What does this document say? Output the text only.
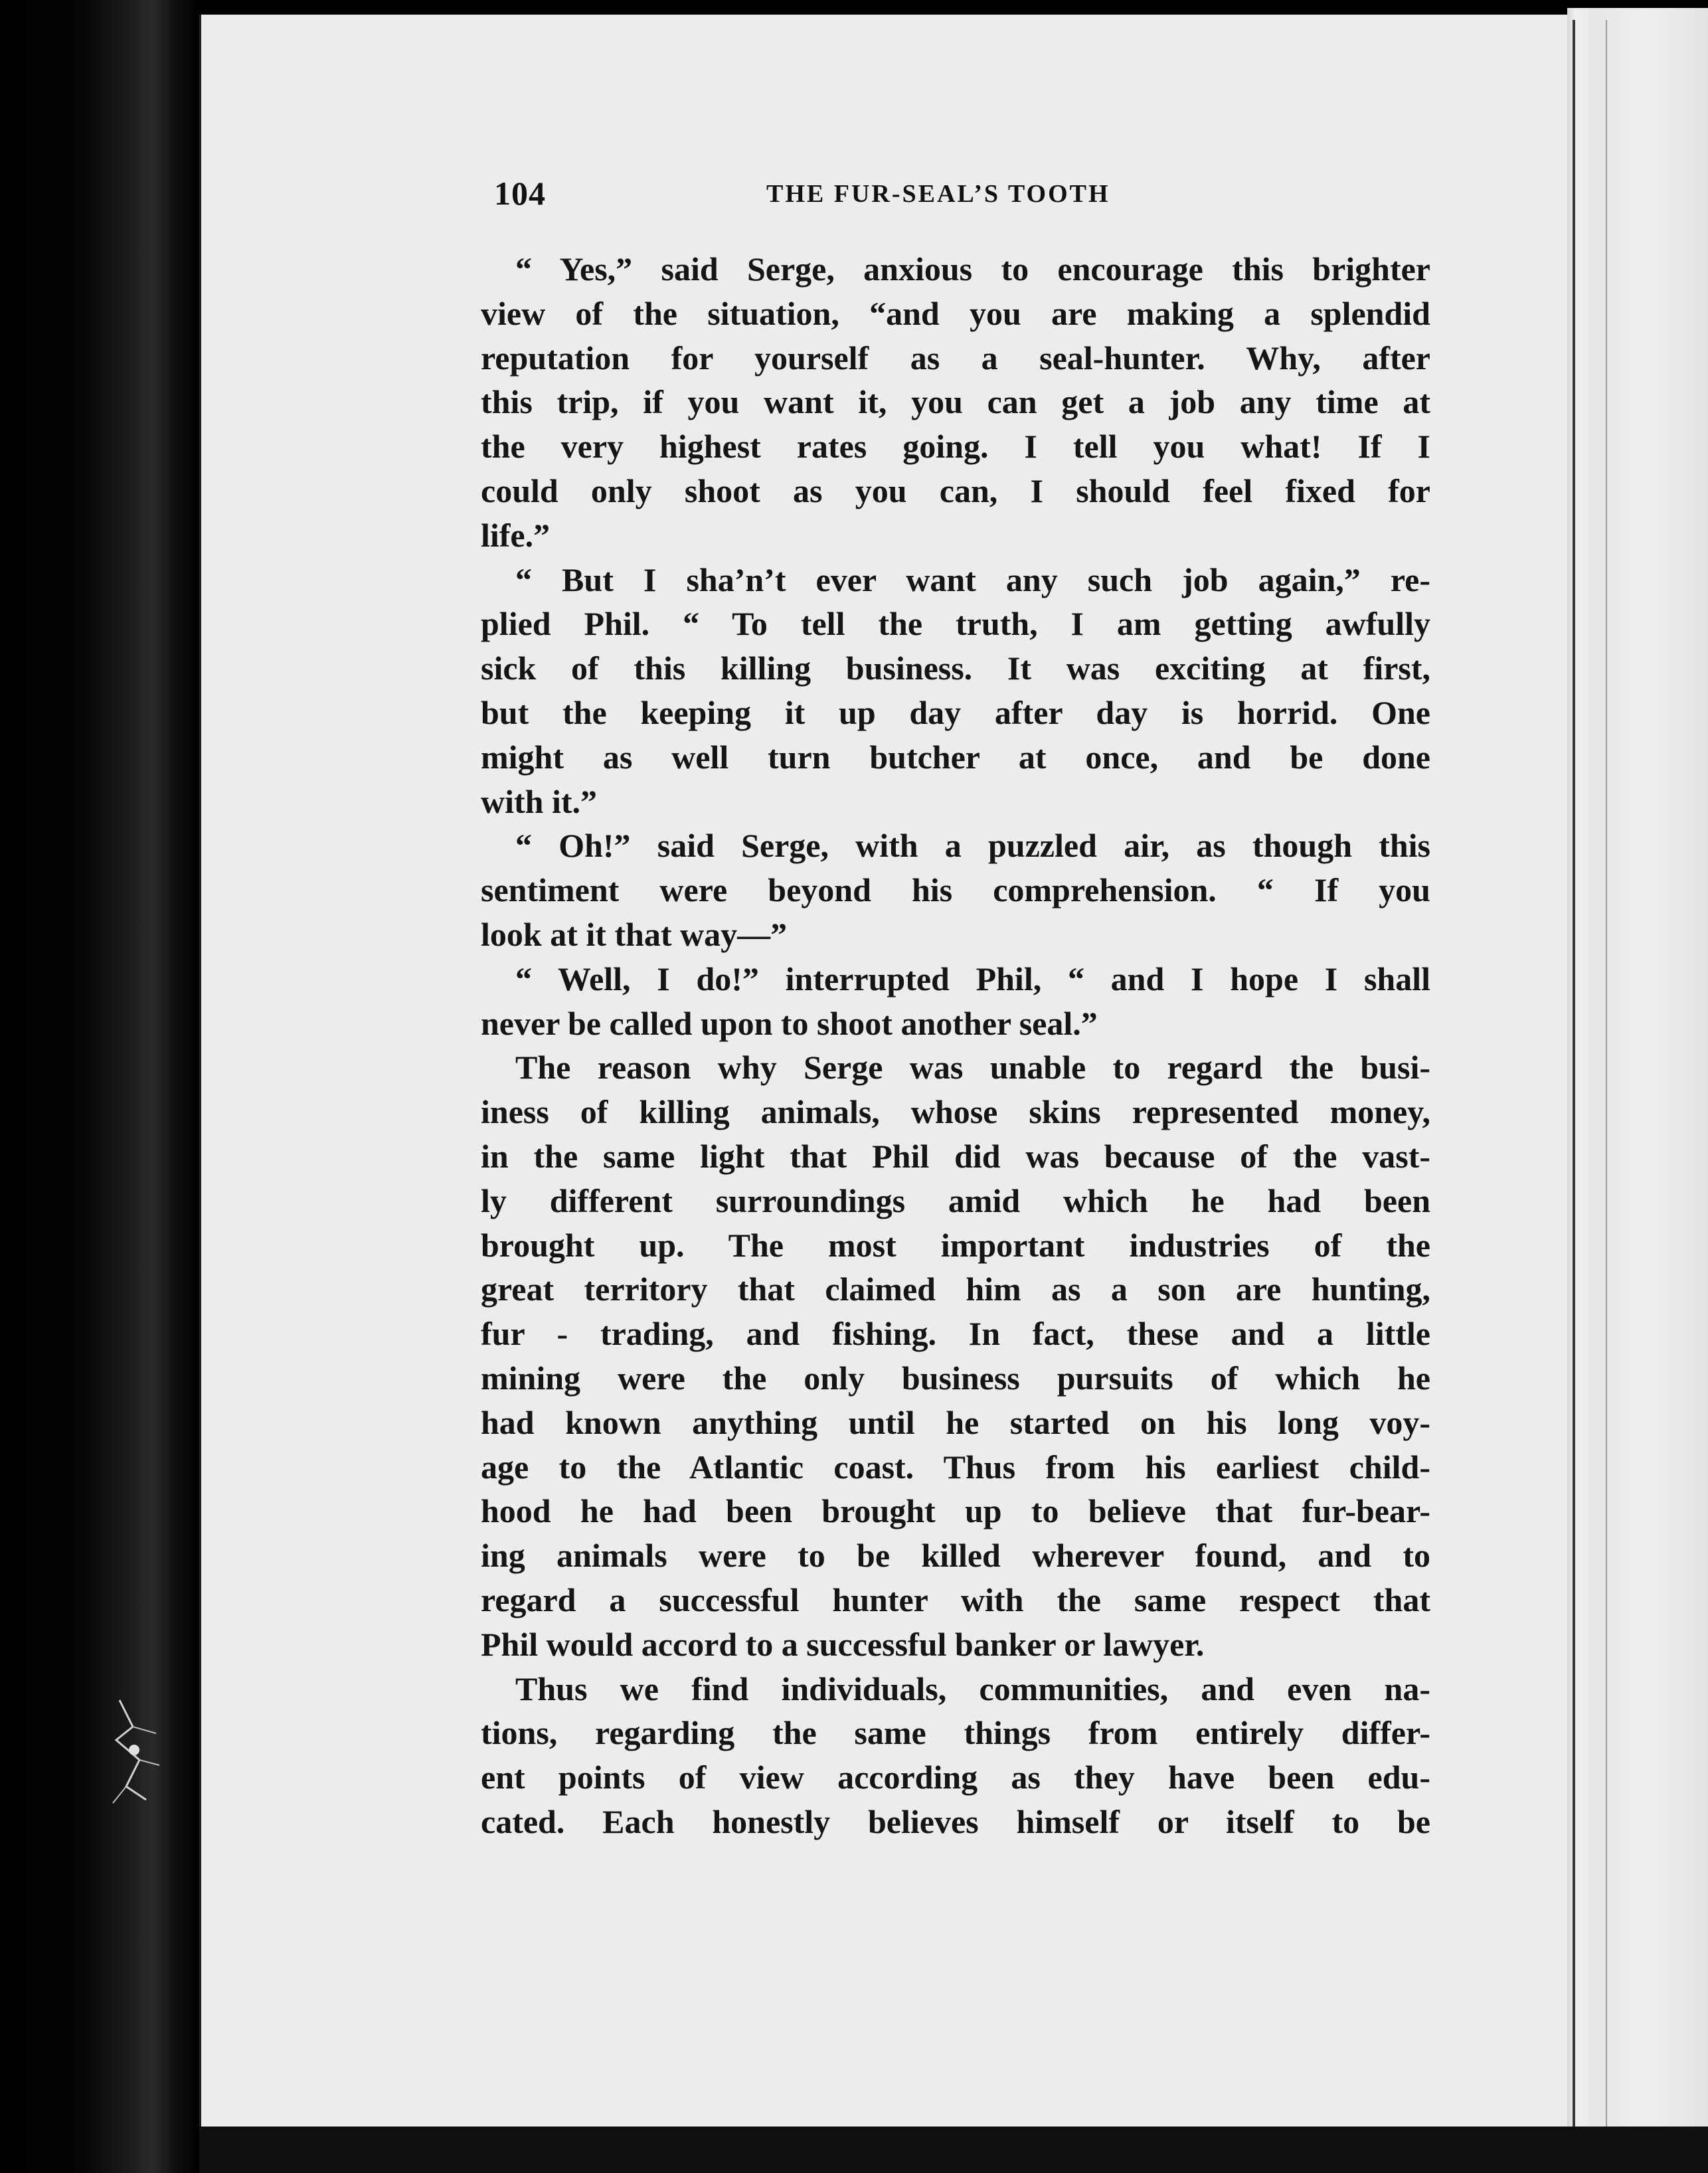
104	THE FUR-SEAL’S TOOTH
“ Yes,” said Serge, anxious to encourage this brighter
view of the situation, “and you are making a splendid
reputation for yourself as a seal-hunter. Why, after
this trip, if you want it, you can get a job any time at
the very highest rates going. I tell you what! If I
could only shoot as you can, I should feel fixed for
life.”
“ But I sha’n’t ever want any such job again,” re-
plied Phil. “ To tell the truth, I am getting awfully
sick of this killing business. It was exciting at first,
but the keeping it up day after day is horrid. One
might as well turn butcher at once, and be done
with it.”
“ Oh!” said Serge, with a puzzled air, as though this
sentiment were beyond his comprehension. “ If you
look at it that way—”
“ Well, I do!” interrupted Phil, “ and I hope I shall
never be called upon to shoot another seal.”
The reason why Serge was unable to regard the busi-
iness of killing animals, whose skins represented money,
in the same light that Phil did was because of the vast-
ly different surroundings amid which he had been
brought up. The most important industries of the
great territory that claimed him as a son are hunting,
fur - trading, and fishing. In fact, these and a little
mining were the only business pursuits of which he
had known anything until he started on his long voy-
age to the Atlantic coast. Thus from his earliest child-
hood he had been brought up to believe that fur-bear-
ing animals were to be killed wherever found, and to
regard a successful hunter with the same respect that
Phil would accord to a successful banker or lawyer.
Thus we find individuals, communities, and even na-
tions, regarding the same things from entirely differ-
ent points of view according as they have been edu-
cated. Each honestly believes himself or itself to be
